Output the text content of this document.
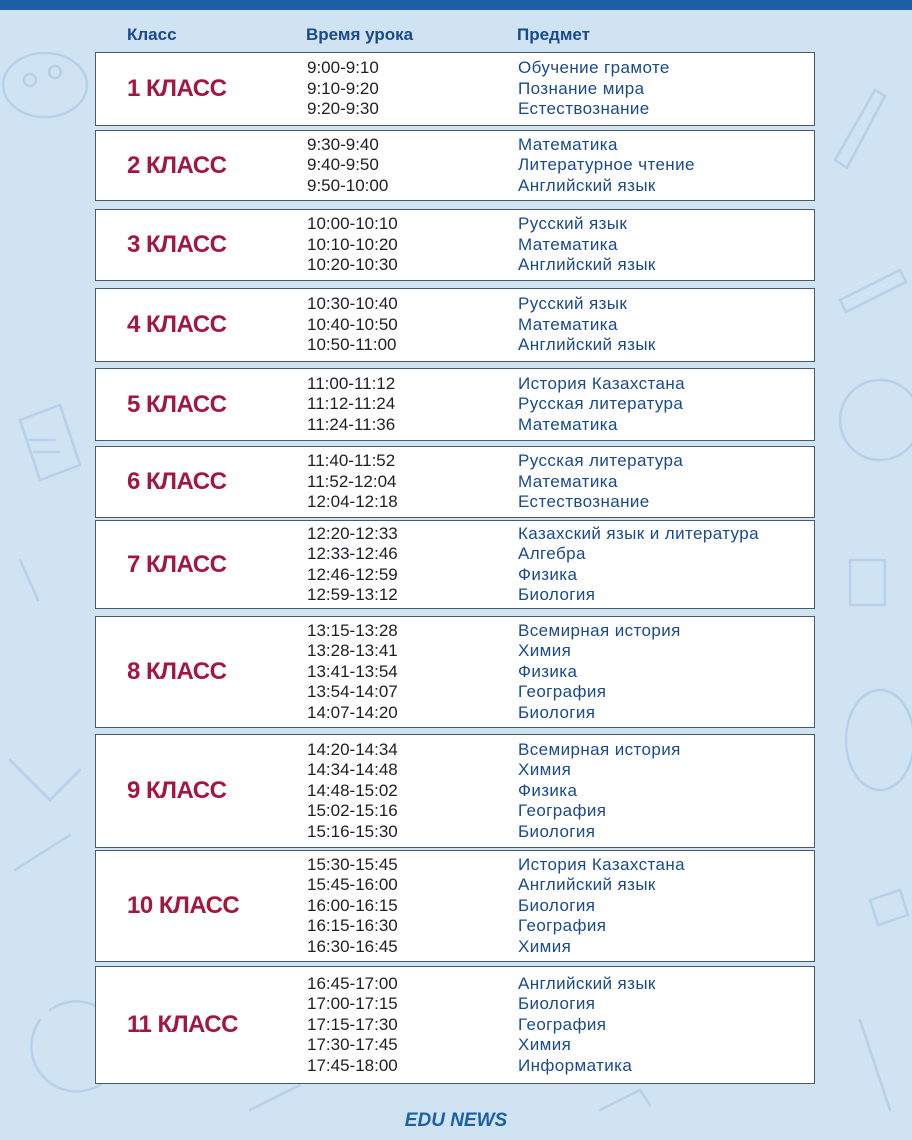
Класс	Время урока	Предмет
1 КЛАСС
9:00-9:10
9:10-9:20
9:20-9:30
Обучение грамоте
Познание мира
Естествознание
2 КЛАСС
9:30-9:40
9:40-9:50
9:50-10:00
Математика
Литературное чтение
Английский язык
3 КЛАСС
10:00-10:10
10:10-10:20
10:20-10:30
Русский язык
Математика
Английский язык
4 КЛАСС
10:30-10:40
10:40-10:50
10:50-11:00
Русский язык
Математика
Английский язык
5 КЛАСС
11:00-11:12
11:12-11:24
11:24-11:36
История Казахстана
Русская литература
Математика
6 КЛАСС
11:40-11:52
11:52-12:04
12:04-12:18
Русская литература
Математика
Естествознание
7 КЛАСС
12:20-12:33
12:33-12:46
12:46-12:59
12:59-13:12
Казахский язык и литература
Алгебра
Физика
Биология
8 КЛАСС
13:15-13:28
13:28-13:41
13:41-13:54
13:54-14:07
14:07-14:20
Всемирная история
Химия
Физика
География
Биология
9 КЛАСС
14:20-14:34
14:34-14:48
14:48-15:02
15:02-15:16
15:16-15:30
Всемирная история
Химия
Физика
География
Биология
10 КЛАСС
15:30-15:45
15:45-16:00
16:00-16:15
16:15-16:30
16:30-16:45
История Казахстана
Английский язык
Биология
География
Химия
11 КЛАСС
16:45-17:00
17:00-17:15
17:15-17:30
17:30-17:45
17:45-18:00
Английский язык
Биология
География
Химия
Информатика
EDU NEWS
